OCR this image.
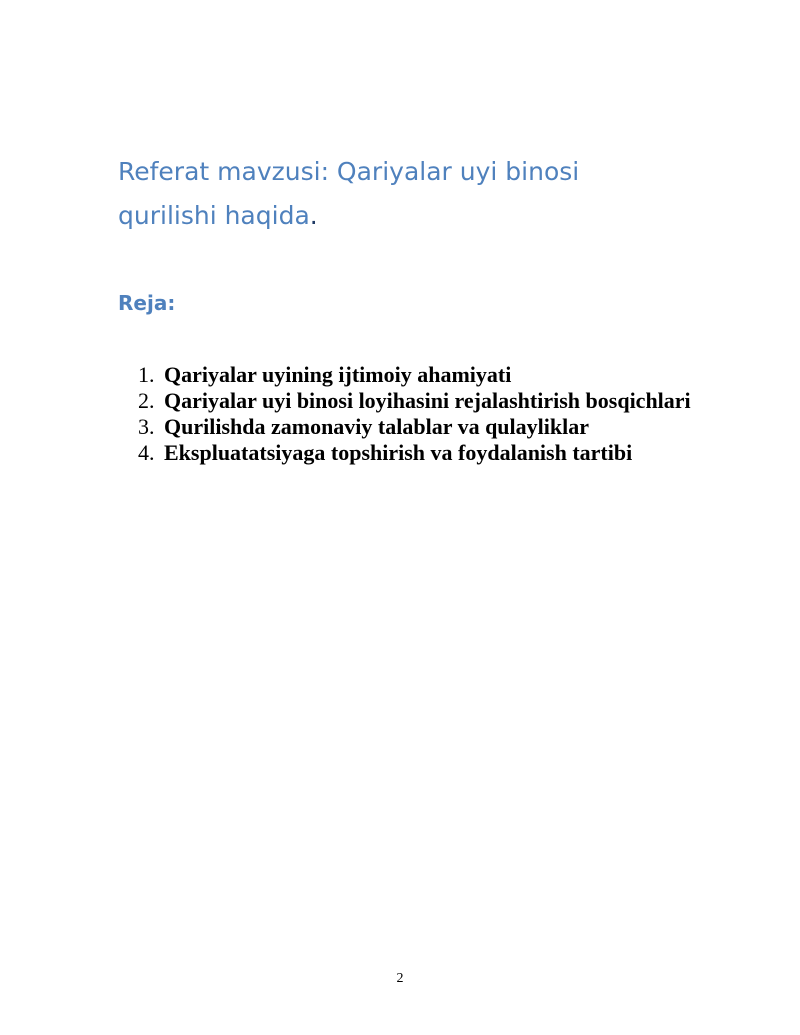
Referat mavzusi: Qariyalar uyi binosi qurilishi haqida.
Reja:
1. Qariyalar uyining ijtimoiy ahamiyati
2. Qariyalar uyi binosi loyihasini rejalashtirish bosqichlari
3. Qurilishda zamonaviy talablar va qulayliklar
4. Ekspluatatsiyaga topshirish va foydalanish tartibi
2
